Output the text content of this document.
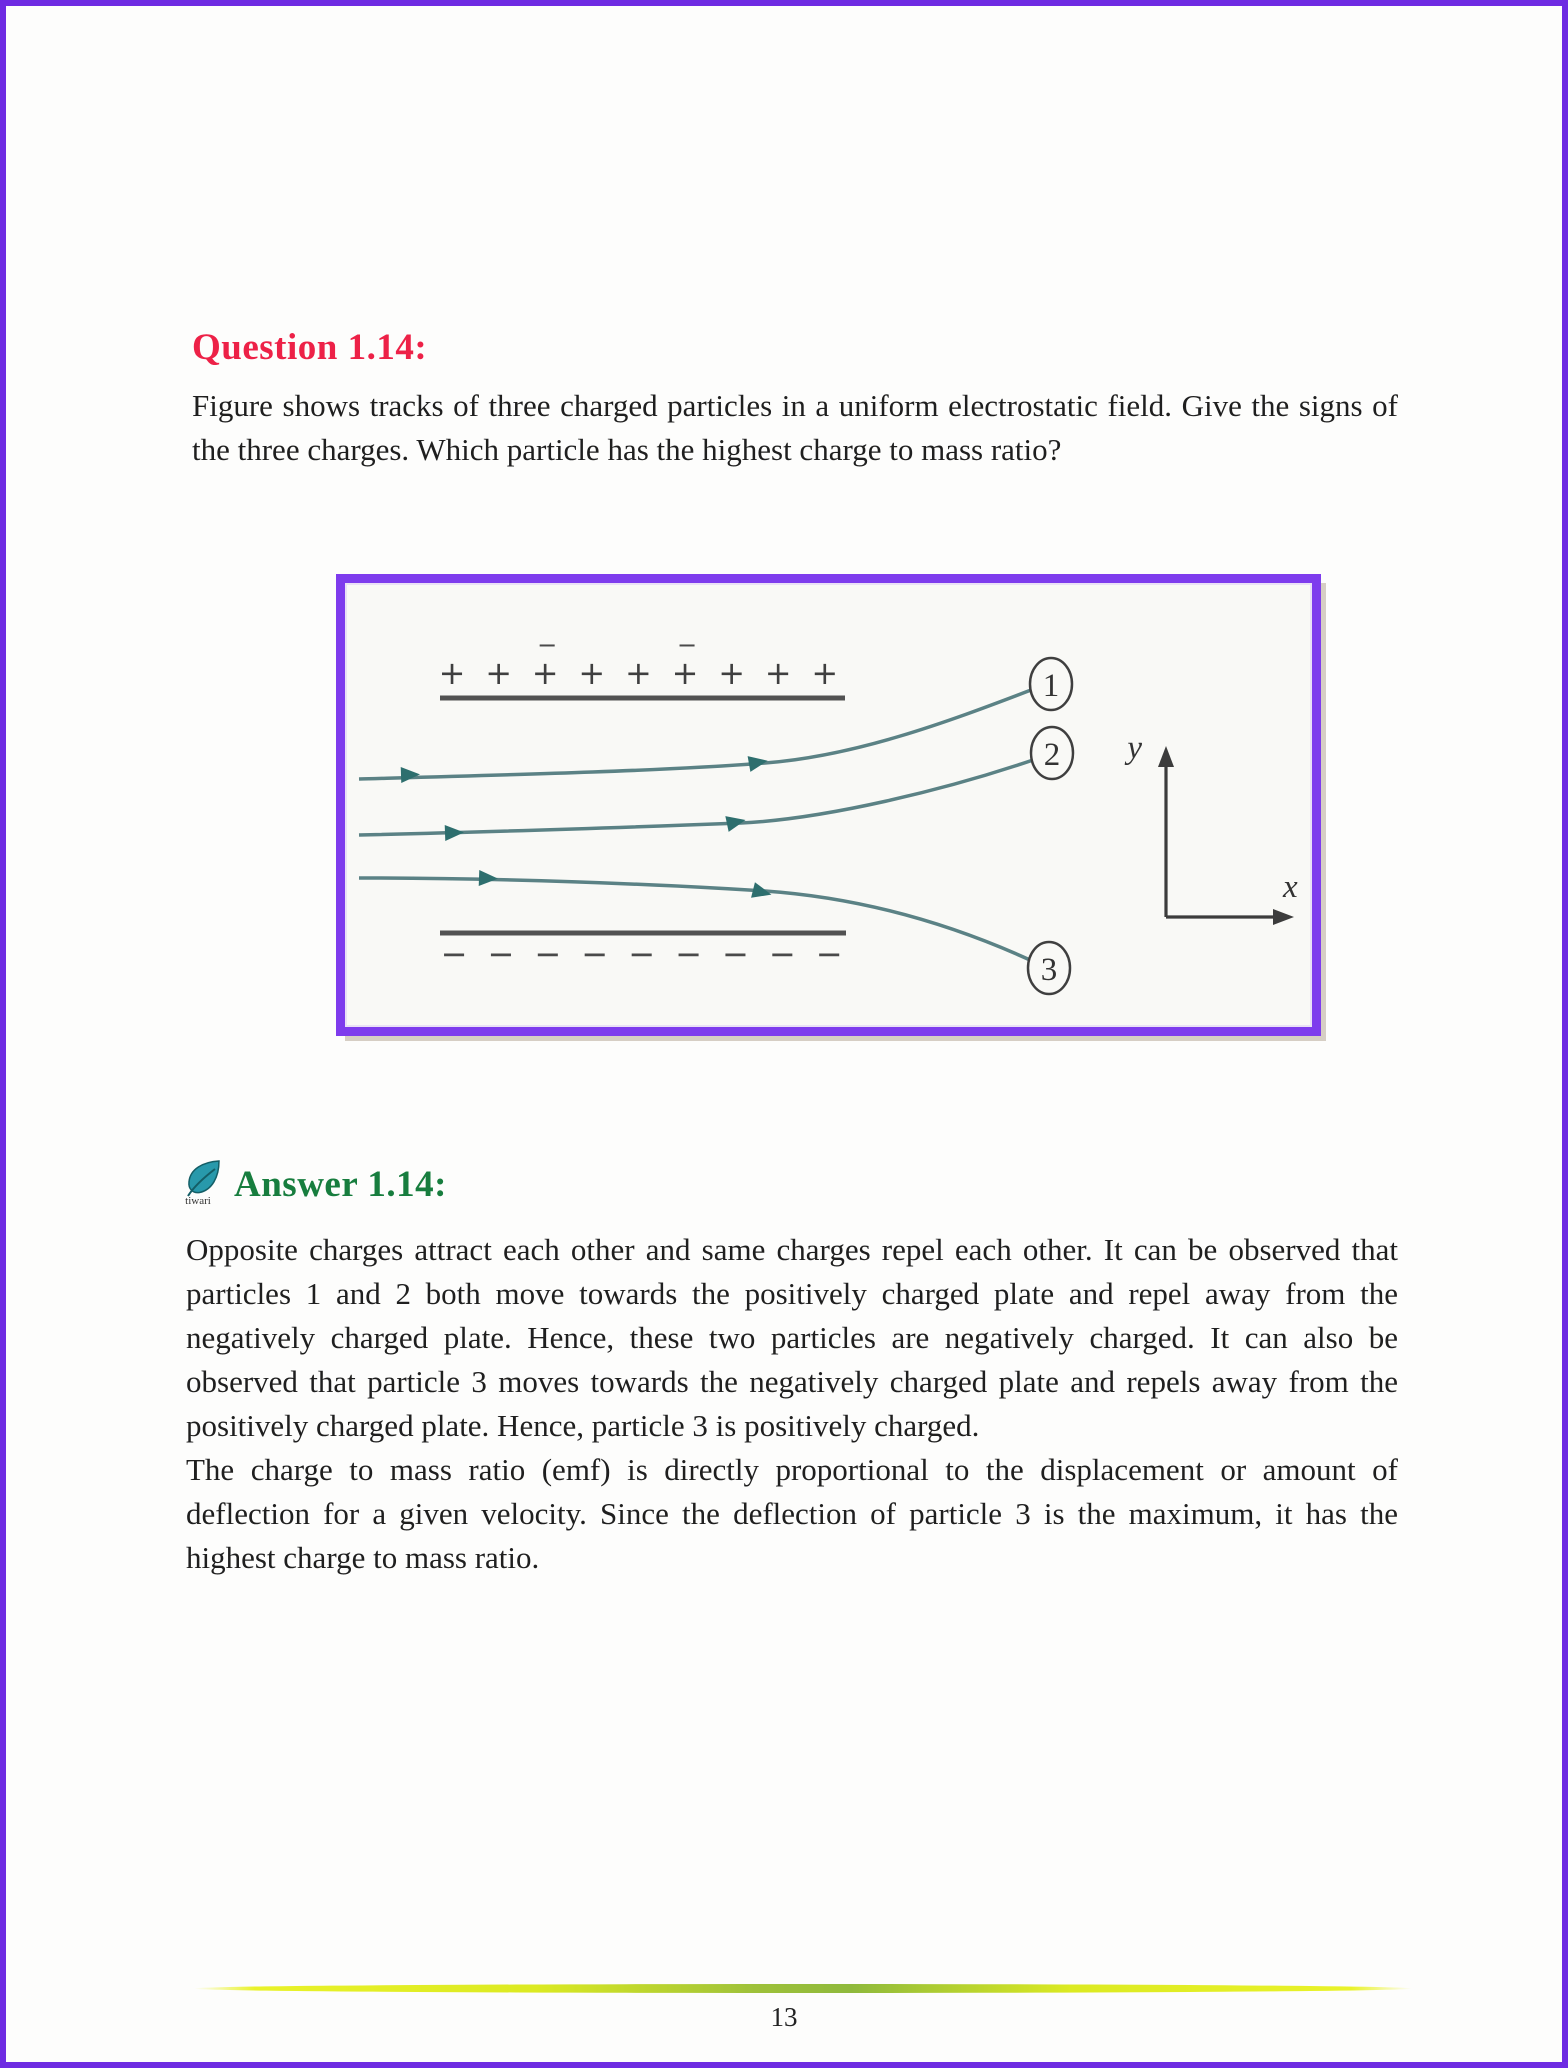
Question 1.14:
Figure shows tracks of three charged particles in a uniform electrostatic field. Give the signs of the three charges. Which particle has the highest charge to mass ratio?
+ + + + + + + + +
−	−
− − − − − − − − −
1
2
3
y
x
tiwari Answer 1.14:

Opposite charges attract each other and same charges repel each other. It can be observed that particles 1 and 2 both move towards the positively charged plate and repel away from the negatively charged plate. Hence, these two particles are negatively charged. It can also be observed that particle 3 moves towards the negatively charged plate and repels away from the positively charged plate. Hence, particle 3 is positively charged.

The charge to mass ratio (emf) is directly proportional to the displacement or amount of deflection for a given velocity. Since the deflection of particle 3 is the maximum, it has the highest charge to mass ratio.

13
